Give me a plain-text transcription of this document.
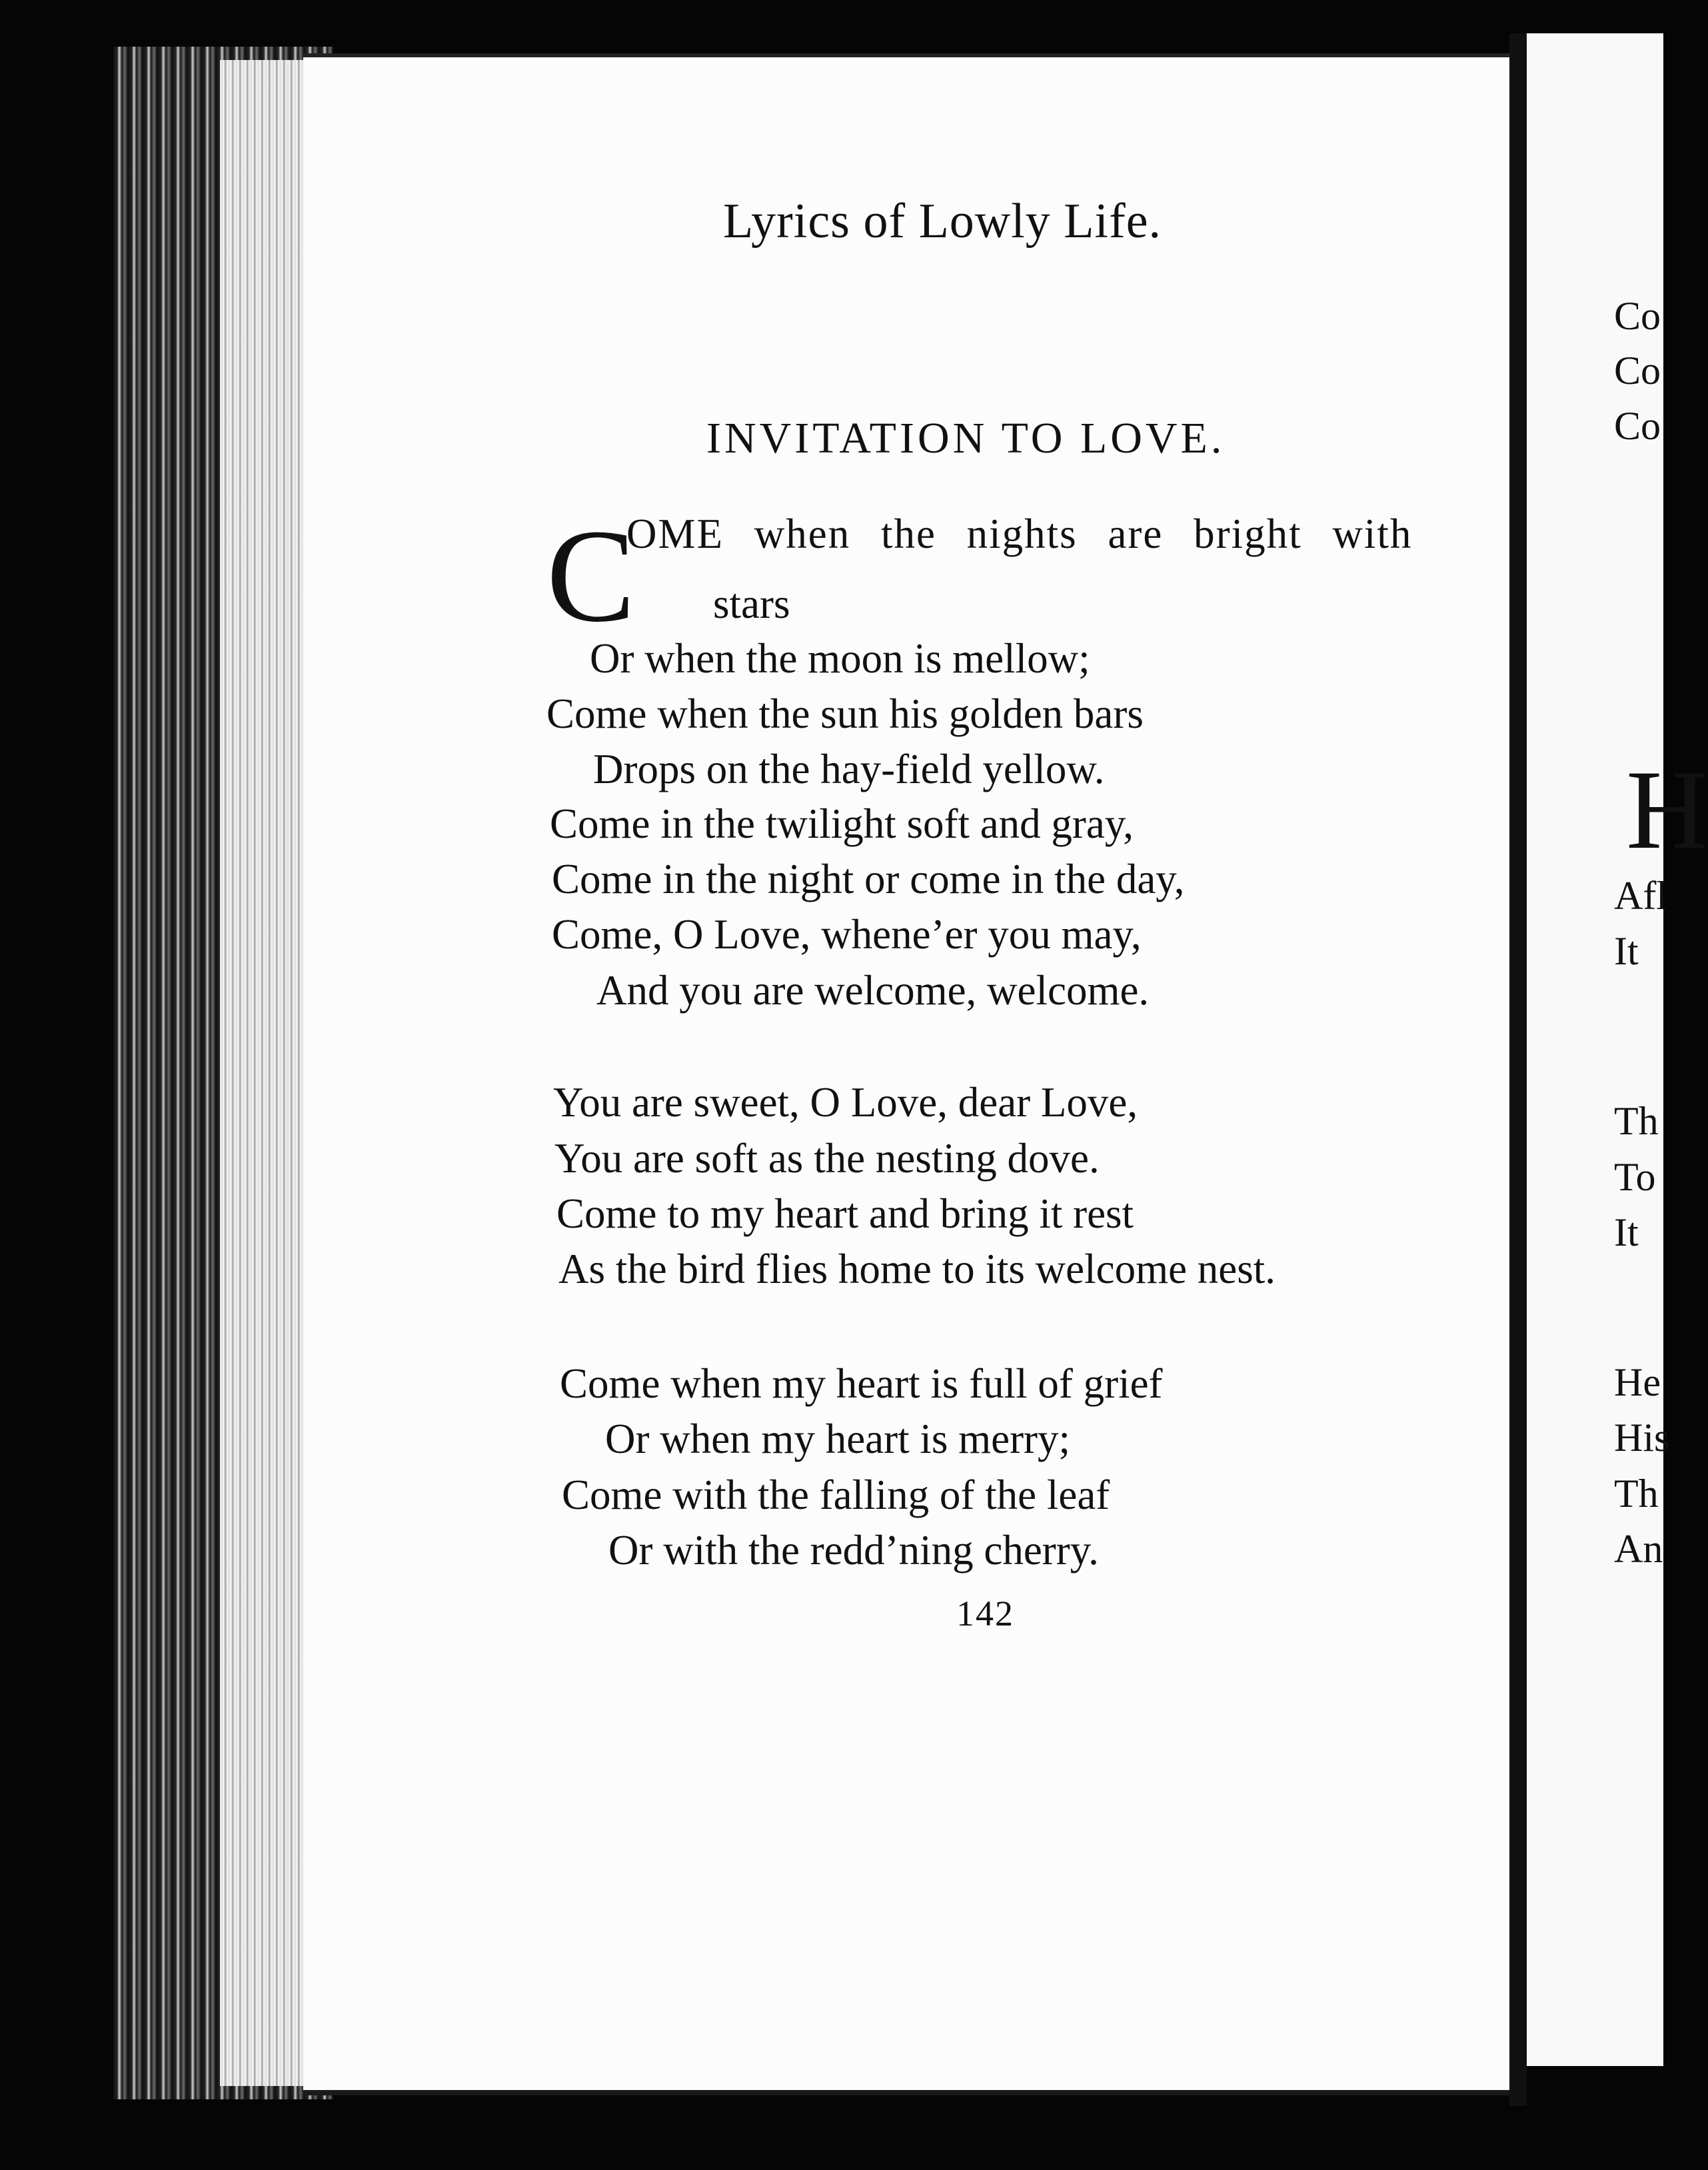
Lyrics of Lowly Life.
INVITATION TO LOVE.
C
OME when the nights are bright with
stars
Or when the moon is mellow;
Come when the sun his golden bars
Drops on the hay-field yellow.
Come in the twilight soft and gray,
Come in the night or come in the day,
Come, O Love, whene’er you may,
And you are welcome, welcome.
You are sweet, O Love, dear Love,
You are soft as the nesting dove.
Come to my heart and bring it rest
As the bird flies home to its welcome nest.
Come when my heart is full of grief
Or when my heart is merry;
Come with the falling of the leaf
Or with the redd’ning cherry.
142
Co
Co
Co
H
Afl
It
Th
To
It
He
His
Th
An
